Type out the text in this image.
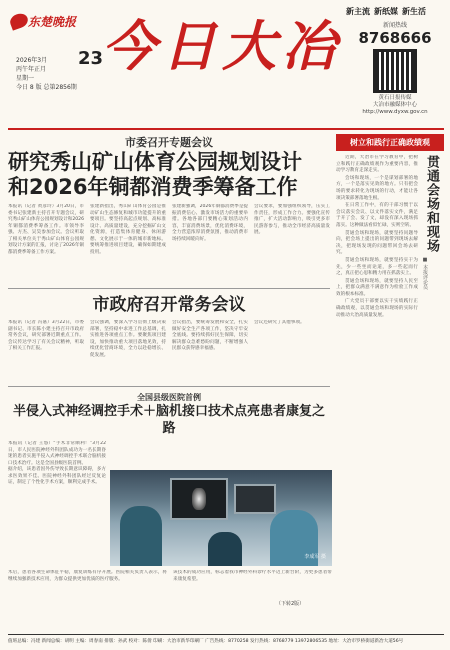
东楚晚报
2026年3月
丙午年正月
星期一
23
今日 8 版 总第2856期
今日大冶
新主流 新纸媒 新生活
新闻热线
8768666
黄石日报传媒
大冶市融媒体中心
http://www.dyxw.gov.cn
市委召开专题会议
研究秀山矿山体育公园规划设计
和2026年铜都消费季筹备工作
本报讯（记者 黄彦玲）3月20日，市委书记张建新主持召开专题会议，研究秀山矿山体育公园规划设计和2026年铜都消费季筹备工作。市领导李强、方杰、吴昊参加会议。会议听取了相关单位关于秀山矿山体育公园规划设计方案的汇报，讨论了2026年铜都消费季筹备工作方案。
张建新指出，秀山矿山体育公园是推动矿山生态修复和城市功能提升的重要项目。要坚持高起点规划、高标准设计、高质量建设，充分挖掘矿山文化资源，打造集体育健身、休闲游憩、文化展示于一体的城市新地标。要统筹推进项目建设，确保如期建成投用。
张建新强调，2026年铜都消费季是提振消费信心、激发市场活力的重要举措。各地各部门要精心策划活动内容，丰富消费场景，优化消费环境，全力营造浓厚消费氛围，推动消费市场持续回暖向好。
会议要求，要加强组织领导，压实工作责任，形成工作合力。要强化宣传推广，扩大活动影响力，吸引更多市民游客参与，推动全市经济高质量发展。
市政府召开常务会议
本报讯（记者 冯嘉）3月22日，市委副书记、市长陈小建主持召开市政府常务会议，研究部署近期重点工作。会议传达学习了有关会议精神，听取了相关工作汇报。
会议强调，要深入学习贯彻上级决策部署，坚持稳中求进工作总基调，扎实推进各项重点工作。要聚焦项目建设，加快推动重大项目落地见效，持续优化营商环境，全力以赴稳增长、促发展。
会议指出，要统筹发展和安全，扎实做好安全生产各项工作，坚决守牢安全底线。要持续抓好民生保障，切实解决群众急难愁盼问题，不断增强人民群众获得感幸福感。
会议还研究了其他事项。
全国县级医院首例
半侵入式神经调控手术＋脑机接口技术点亮患者康复之路
本报讯（记者 王悠）“手术非常顺利！”3月22日，市人民医院神经外科团队成功为一名长期昏迷的患者实施半侵入式神经调控手术联合脑机接口技术治疗。这是全国县级医院首例。
据介绍，该患者因外伤导致长期意识障碍，多方求医效果不佳。医院神经外科团队经过反复论证，制定了个性化手术方案，顺利完成手术。
李成军 摄
术后，患者各项生命体征平稳，康复训练有序开展。医院相关负责人表示，将继续加强新技术应用，为群众提供更加优质的医疗服务。
该技术的成功应用，标志着我市神经外科诊疗水平迈上新台阶，为更多患者带来康复希望。
（下转2版）
树立和践行正确政绩观

近期，大冶市在学习教育中，把树立和践行正确政绩观作为重要内容，推动学习教育走深走实。

会场和现场，一个是谋划部署的地方，一个是落实见效的地方。只有把会场的要求转化为现场的行动，才能让各项决策部署落地生根。

在日常工作中，有的干部习惯于以会议落实会议、以文件落实文件，满足于开了会、发了文，却没有深入现场抓落实。这种做法看似忙碌，实则空转。

贯通会场和现场，就要坚持问题导向，把会场上提出的问题带到现场去解决，把现场发现的问题带回会场去研究。

贯通会场和现场，就要坚持实干为先，少一些坐而论道，多一些起而行之，真正把心思和精力用在抓落实上。

贯通会场和现场，就要坚持人民至上，把群众满意不满意作为检验工作成效的根本标准。

广大党员干部要以实干实绩践行正确政绩观，以贯通会场和现场的实际行动推动大冶高质量发展。

贯通会场和现场
■ 本报评论员
值班总编：冯建 新闻总编：胡明 主编：周春南 排版：孙武 校对：陈倩 印刷：大冶市新华印刷厂 广告热线：8770258 发行热线：8768779 13972806535 地址：大冶市罗桥街道新冶大道56号
